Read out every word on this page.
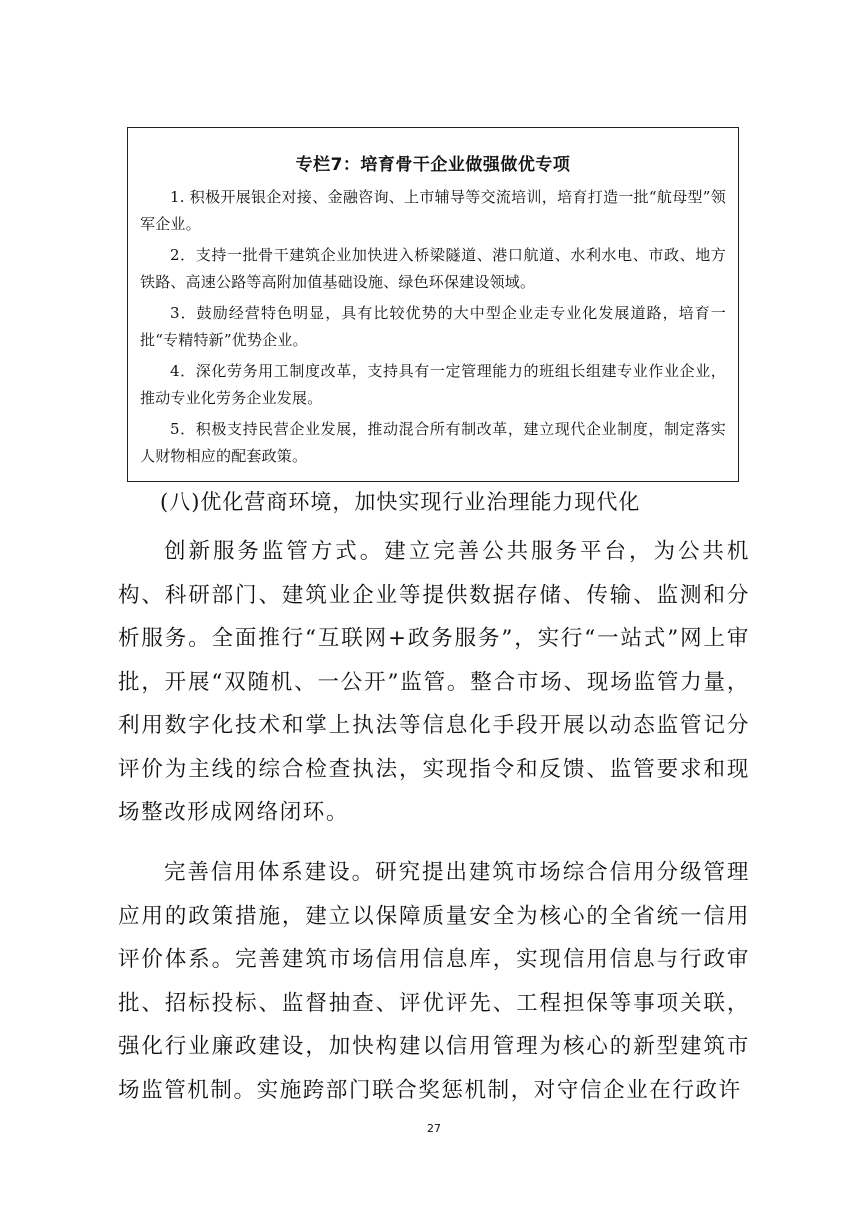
专栏7：培育骨干企业做强做优专项

1. 积极开展银企对接、金融咨询、上市辅导等交流培训，培育打造一批“航母型”领军企业。

2．支持一批骨干建筑企业加快进入桥梁隧道、港口航道、水利水电、市政、地方铁路、高速公路等高附加值基础设施、绿色环保建设领域。

3．鼓励经营特色明显，具有比较优势的大中型企业走专业化发展道路，培育一批“专精特新”优势企业。

4．深化劳务用工制度改革，支持具有一定管理能力的班组长组建专业作业企业，推动专业化劳务企业发展。

5．积极支持民营企业发展，推动混合所有制改革，建立现代企业制度，制定落实人财物相应的配套政策。

(八)优化营商环境，加快实现行业治理能力现代化

创新服务监管方式。建立完善公共服务平台，为公共机构、科研部门、建筑业企业等提供数据存储、传输、监测和分析服务。全面推行“互联网+政务服务”，实行“一站式”网上审批，开展“双随机、一公开”监管。整合市场、现场监管力量，利用数字化技术和掌上执法等信息化手段开展以动态监管记分评价为主线的综合检查执法，实现指令和反馈、监管要求和现场整改形成网络闭环。

完善信用体系建设。研究提出建筑市场综合信用分级管理应用的政策措施，建立以保障质量安全为核心的全省统一信用评价体系。完善建筑市场信用信息库，实现信用信息与行政审批、招标投标、监督抽查、评优评先、工程担保等事项关联，强化行业廉政建设，加快构建以信用管理为核心的新型建筑市场监管机制。实施跨部门联合奖惩机制，对守信企业在行政许

27
